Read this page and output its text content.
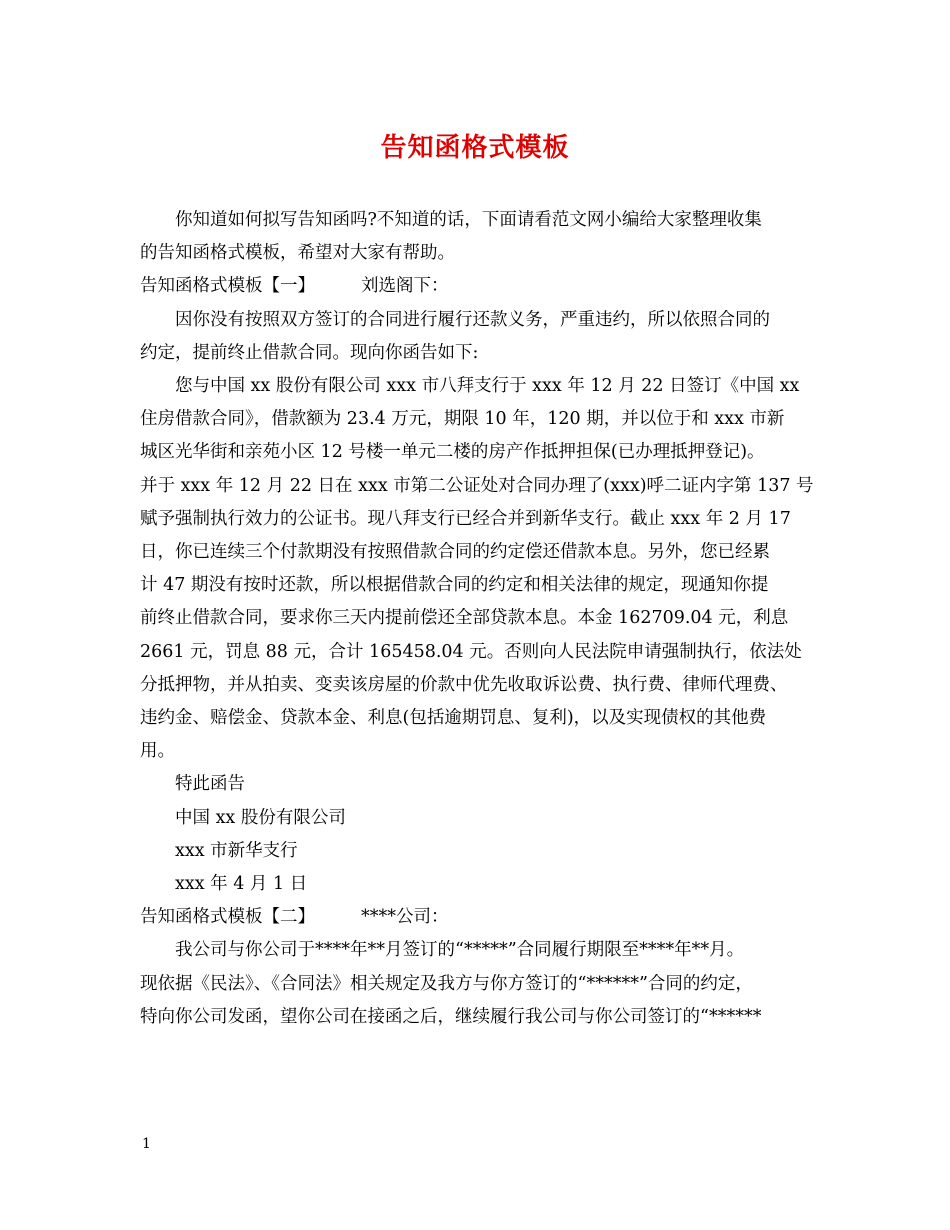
告知函格式模板

你知道如何拟写告知函吗?不知道的话，下面请看范文网小编给大家整理收集

的告知函格式模板，希望对大家有帮助。

告知函格式模板【一】	刘选阁下：

因你没有按照双方签订的合同进行履行还款义务，严重违约，所以依照合同的

约定，提前终止借款合同。现向你函告如下:

您与中国 xx 股份有限公司 xxx 市八拜支行于 xxx 年 12 月 22 日签订《中国 xx

住房借款合同》，借款额为 23.4 万元，期限 10 年，120 期，并以位于和 xxx 市新

城区光华街和亲苑小区 12 号楼一单元二楼的房产作抵押担保(已办理抵押登记)。

并于 xxx 年 12 月 22 日在 xxx 市第二公证处对合同办理了(xxx)呼二证内字第 137 号

赋予强制执行效力的公证书。现八拜支行已经合并到新华支行。截止 xxx 年 2 月 17

日，你已连续三个付款期没有按照借款合同的约定偿还借款本息。另外，您已经累

计 47 期没有按时还款，所以根据借款合同的约定和相关法律的规定，现通知你提

前终止借款合同，要求你三天内提前偿还全部贷款本息。本金 162709.04 元，利息

2661 元，罚息 88 元，合计 165458.04 元。否则向人民法院申请强制执行，依法处

分抵押物，并从拍卖、变卖该房屋的价款中优先收取诉讼费、执行费、律师代理费、

违约金、赔偿金、贷款本金、利息(包括逾期罚息、复利)，以及实现债权的其他费

用。

特此函告

中国 xx 股份有限公司

xxx 市新华支行

xxx 年 4 月 1 日

告知函格式模板【二】	****公司：

我公司与你公司于****年**月签订的“*****”合同履行期限至****年**月。

现依据《民法》、《合同法》相关规定及我方与你方签订的“******”合同的约定，

特向你公司发函，望你公司在接函之后，继续履行我公司与你公司签订的“******

1
